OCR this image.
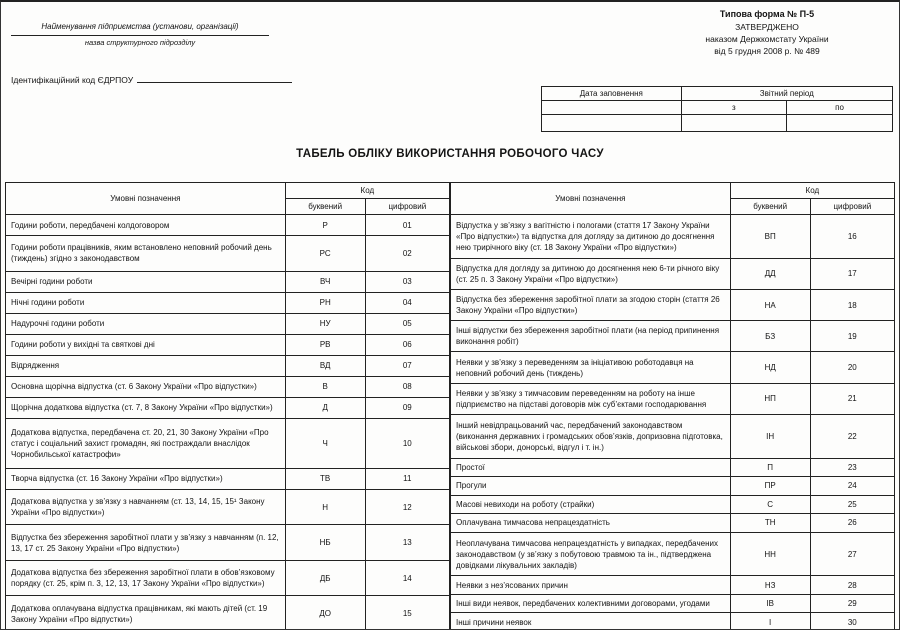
Найменування підприємства (установи, організації)
назва структурного підрозділу
Типова форма № П-5
ЗАТВЕРДЖЕНО
наказом Держкомстату України
від 5 грудня 2008 р. № 489
Ідентифікаційний код ЄДРПОУ
Дата заповнення	Звітний період	
	з	по

ТАБЕЛЬ ОБЛІКУ ВИКОРИСТАННЯ РОБОЧОГО ЧАСУ
Умовні позначення	Код	
	буквений	цифровий
Години роботи, передбачені колдоговором	Р	01
Години роботи працівників, яким встановлено неповний робочий день (тиждень) згідно з законодавством	РС	02
Вечірні години роботи	ВЧ	03
Нічні години роботи	РН	04
Надурочні години роботи	НУ	05
Години роботи у вихідні та святкові дні	РВ	06
Відрядження	ВД	07
Основна щорічна відпустка (ст. 6 Закону України «Про відпустки»)	В	08
Щорічна додаткова відпустка (ст. 7, 8 Закону України «Про відпустки»)	Д	09
Додаткова відпустка, передбачена ст. 20, 21, 30 Закону України «Про статус і соціальний захист громадян, які постраждали внаслідок Чорнобильської катастрофи»	Ч	10
Творча відпустка (ст. 16 Закону України «Про відпустки»)	ТВ	11
Додаткова відпустка у зв’язку з навчанням (ст. 13, 14, 15, 15¹ Закону України «Про відпустки»)	Н	12
Відпустка без збереження заробітної плати у зв’язку з навчанням (п. 12, 13, 17 ст. 25 Закону України «Про відпустки»)	НБ	13
Додаткова відпустка без збереження заробітної плати в обов’язковому порядку (ст. 25, крім п. 3, 12, 13, 17 Закону України «Про відпустки»)	ДБ	14
Додаткова оплачувана відпустка працівникам, які мають дітей (ст. 19 Закону України «Про відпустки»)	ДО	15
Умовні позначення	Код	
	буквений	цифровий
Відпустка у зв’язку з вагітністю і пологами (стаття 17 Закону України «Про відпустки») та відпустка для догляду за дитиною до досягнення нею трирічного віку (ст. 18 Закону України «Про відпустки»)	ВП	16
Відпустка для догляду за дитиною до досягнення нею 6-ти річного віку (ст. 25 п. 3 Закону України «Про відпустки»)	ДД	17
Відпустка без збереження заробітної плати за згодою сторін (стаття 26 Закону України «Про відпустки»)	НА	18
Інші відпустки без збереження заробітної плати (на період припинення виконання робіт)	БЗ	19
Неявки у зв’язку з переведенням за ініціативою роботодавця на неповний робочий день (тиждень)	НД	20
Неявки у зв’язку з тимчасовим переведенням на роботу на інше підприємство на підставі договорів між суб’єктами господарювання	НП	21
Інший невідпрацьований час, передбачений законодавством (виконання державних і громадських обов’язків, допризовна підготовка, військові збори, донорські, відгул і т. ін.)	ІН	22
Простої	П	23
Прогули	ПР	24
Масові невиходи на роботу (страйки)	С	25
Оплачувана тимчасова непрацездатність	ТН	26
Неоплачувана тимчасова непрацездатність у випадках, передбачених законодавством (у зв’язку з побутовою травмою та ін., підтверджена довідками лікувальних закладів)	НН	27
Неявки з нез’ясованих причин	НЗ	28
Інші види неявок, передбачених колективними договорами, угодами	ІВ	29
Інші причини неявок	І	30
